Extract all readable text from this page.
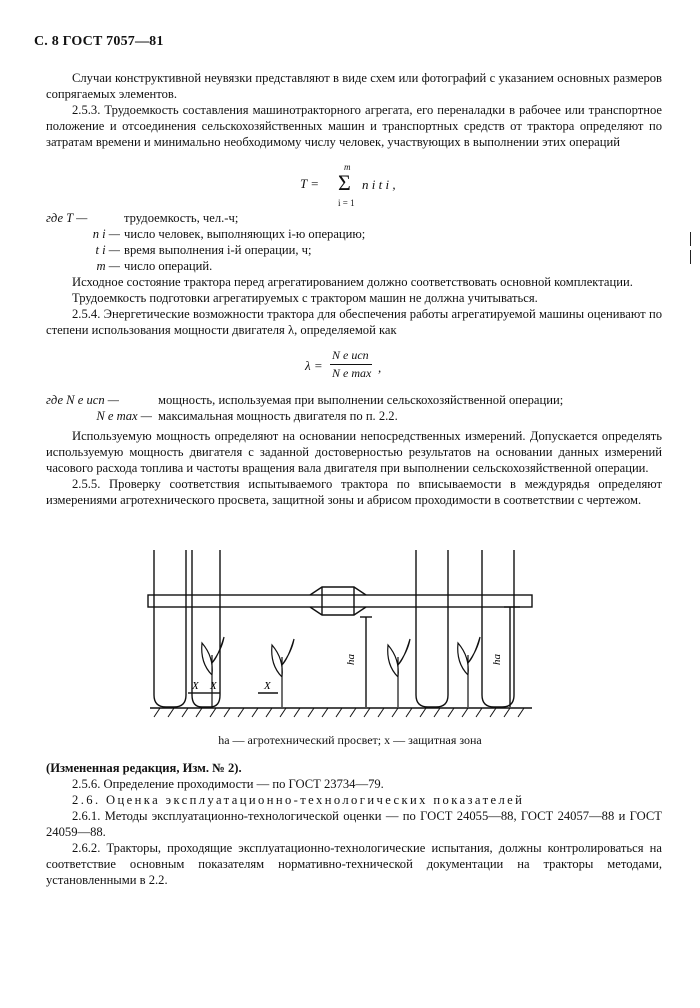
С. 8 ГОСТ 7057—81

Случаи конструктивной неувязки представляют в виде схем или фотографий с указанием основных размеров сопрягаемых элементов.

2.5.3. Трудоемкость составления машинотракторного агрегата, его переналадки в рабочее или транспортное положение и отсоединения сельскохозяйственных машин и транспортных средств от трактора определяют по затратам времени и минимально необходимому числу человек, участвующих в выполнении этих операций

T =
m
Σ
i = 1
n i t i ,
где T —	трудоемкость, чел.-ч;
n i — число человек, выполняющих i-ю операцию;
t i — время выполнения i-й операции, ч;
m — число операций.

Исходное состояние трактора перед агрегатированием должно соответствовать основной комплектации.

Трудоемкость подготовки агрегатируемых с трактором машин не должна учитываться.

2.5.4. Энергетические возможности трактора для обеспечения работы агрегатируемой машины оценивают по степени использования мощности двигателя λ, определяемой как

λ =
N e исп
N e max ,
где N e исп —	мощность, используемая при выполнении сельскохозяйственной операции;
N e max — максимальная мощность двигателя по п. 2.2.

Используемую мощность определяют на основании непосредственных измерений. Допускается определять используемую мощность двигателя с заданной достоверностью результатов на основании данных измерений часового расхода топлива и частоты вращения вала двигателя при выполнении сельскохозяйственной операции.

2.5.5. Проверку соответствия испытываемого трактора по вписываемости в междурядья определяют измерениями агротехнического просвета, защитной зоны и абрисом проходимости в соответствии с чертежом.

X X	X
ha	ha
hа — агротехнический просвет; x — защитная зона

(Измененная редакция, Изм. № 2).

2.5.6. Определение проходимости — по ГОСТ 23734—79.

2.6. Оценка эксплуатационно-технологических показателей

2.6.1. Методы эксплуатационно-технологической оценки — по ГОСТ 24055—88, ГОСТ 24057—88 и ГОСТ 24059—88.

2.6.2. Тракторы, проходящие эксплуатационно-технологические испытания, должны контролироваться на соответствие основным показателям нормативно-технической документации на тракторы методами, установленными в 2.2.
